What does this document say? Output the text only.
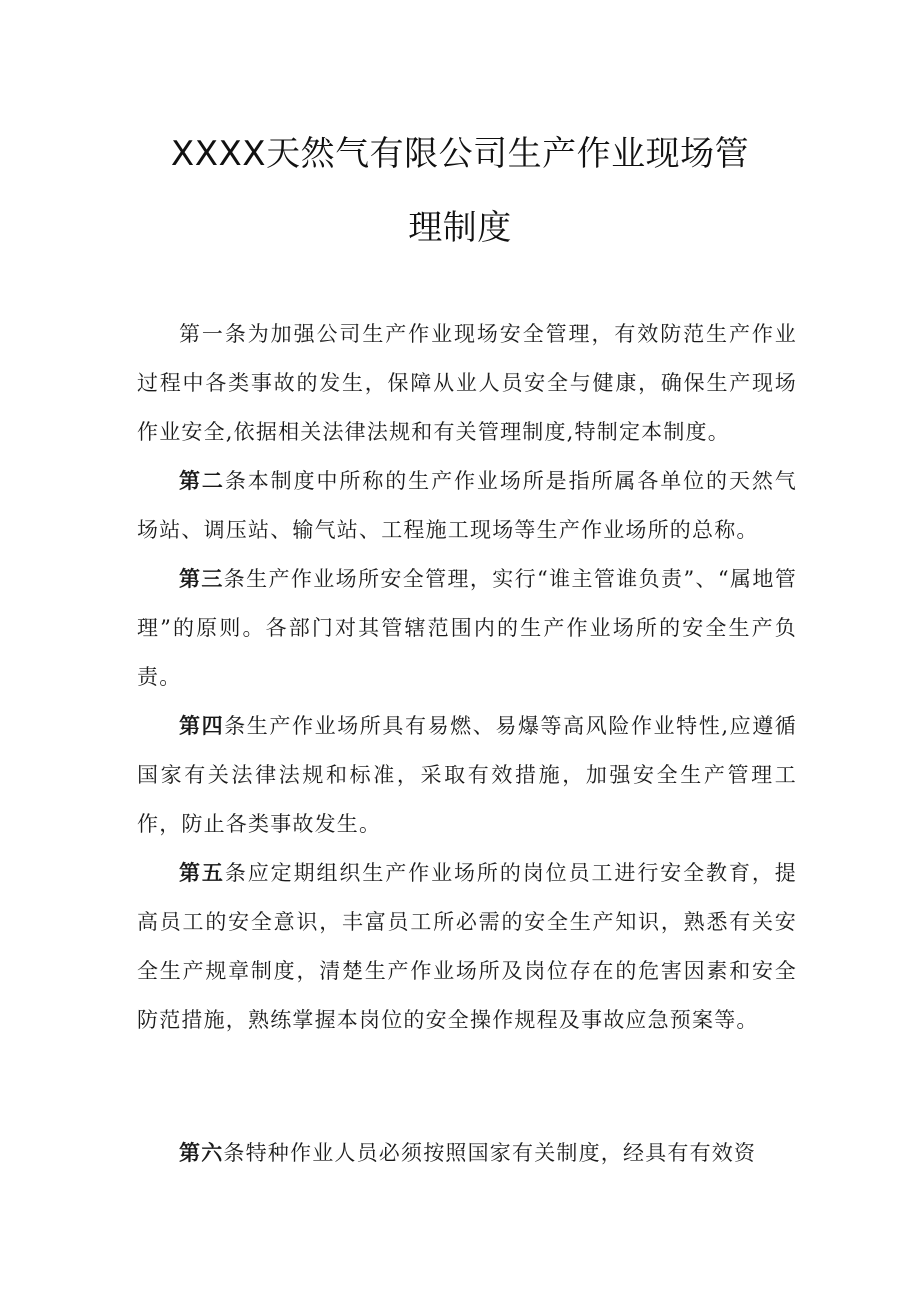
XXXX天然气有限公司生产作业现场管
理制度

第一条为加强公司生产作业现场安全管理，有效防范生产作业过程中各类事故的发生，保障从业人员安全与健康，确保生产现场作业安全,依据相关法律法规和有关管理制度,特制定本制度。

第二条本制度中所称的生产作业场所是指所属各单位的天然气场站、调压站、输气站、工程施工现场等生产作业场所的总称。

第三条生产作业场所安全管理，实行“谁主管谁负责”、“属地管理”的原则。各部门对其管辖范围内的生产作业场所的安全生产负责。

第四条生产作业场所具有易燃、易爆等高风险作业特性,应遵循国家有关法律法规和标准，采取有效措施，加强安全生产管理工作，防止各类事故发生。

第五条应定期组织生产作业场所的岗位员工进行安全教育，提高员工的安全意识，丰富员工所必需的安全生产知识，熟悉有关安全生产规章制度，清楚生产作业场所及岗位存在的危害因素和安全防范措施，熟练掌握本岗位的安全操作规程及事故应急预案等。

第六条特种作业人员必须按照国家有关制度，经具有有效资
